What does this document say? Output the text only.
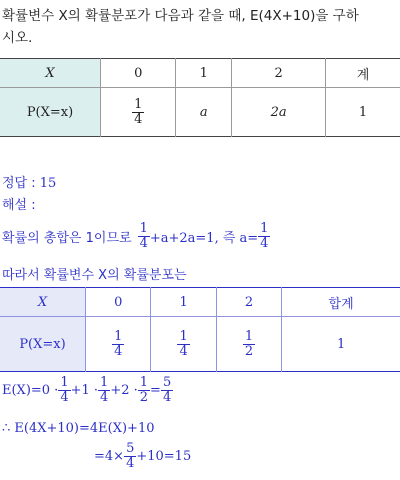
확률변수 X의 확률분포가 다음과 같을 때, E(4X+10)을 구하
시오.
X	0	1	2	계
P(X=x)	$\frac{1}{4}$	a	2a	1
정답 : 15
해설 :
확률의 총합은 1이므로 $\frac{1}{4} +a+2a=1$, 즉 $a= \frac{1}{4}$
따라서 확률변수 X의 확률분포는
X	0	1	2	합계
P(X=x)	$\frac{1}{4}$	$\frac{1}{4}$	$\frac{1}{2}$	1
$E(X)=0 \cdot \frac{1}{4} +1 \cdot \frac{1}{4} +2 \cdot \frac{1}{2} = \frac{5}{4}$
∴ E(4X+10)=4E(X)+10
$=4\times \frac{5}{4} +10=15$
